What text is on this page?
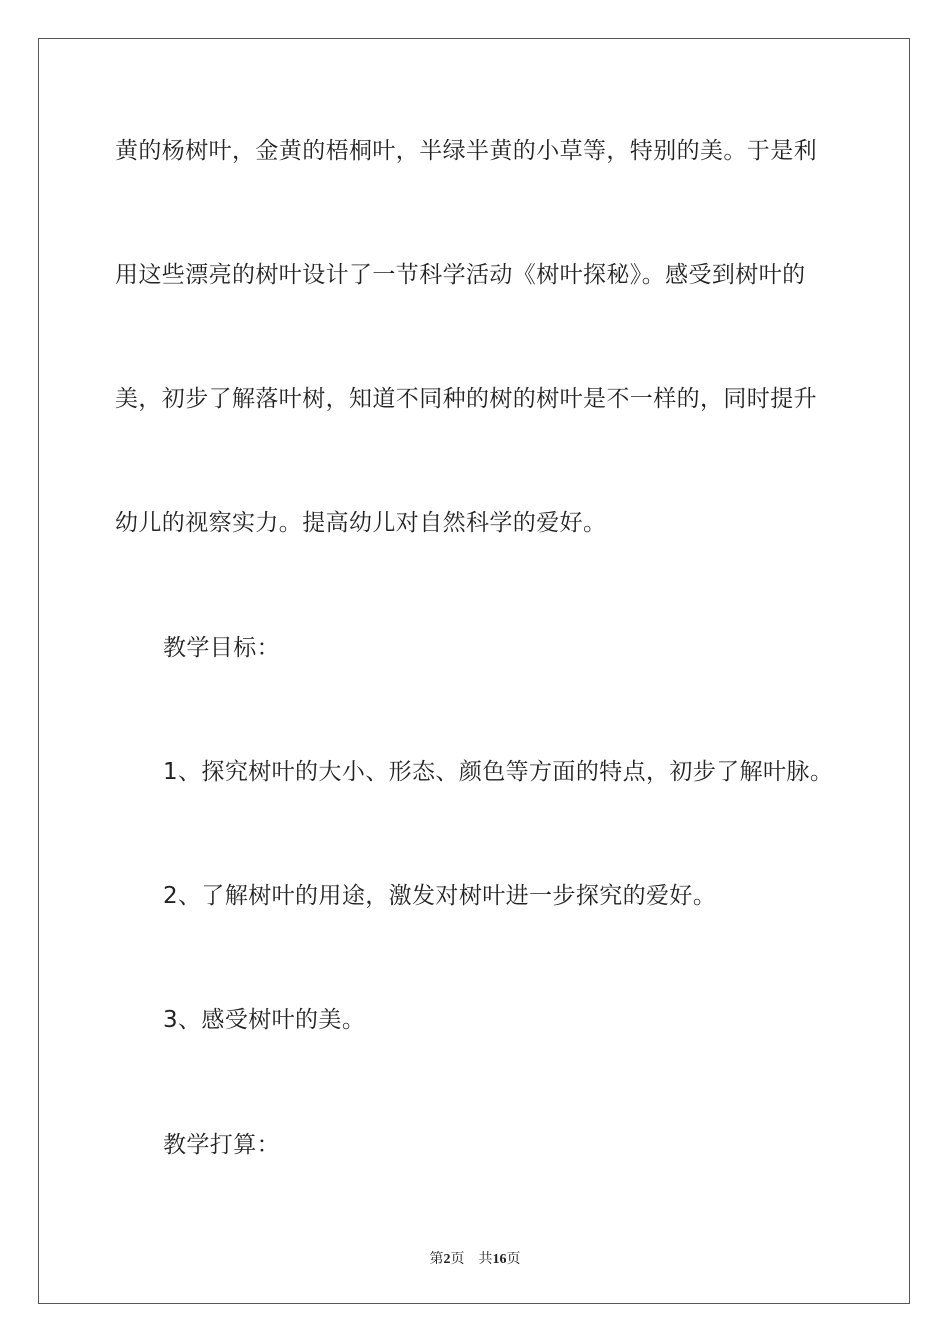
黄的杨树叶，金黄的梧桐叶，半绿半黄的小草等，特别的美。于是利
用这些漂亮的树叶设计了一节科学活动《树叶探秘》。感受到树叶的
美，初步了解落叶树，知道不同种的树的树叶是不一样的，同时提升
幼儿的视察实力。提高幼儿对自然科学的爱好。
教学目标：
1、探究树叶的大小、形态、颜色等方面的特点，初步了解叶脉。
2、了解树叶的用途，激发对树叶进一步探究的爱好。
3、感受树叶的美。
教学打算：
第2页 共16页
